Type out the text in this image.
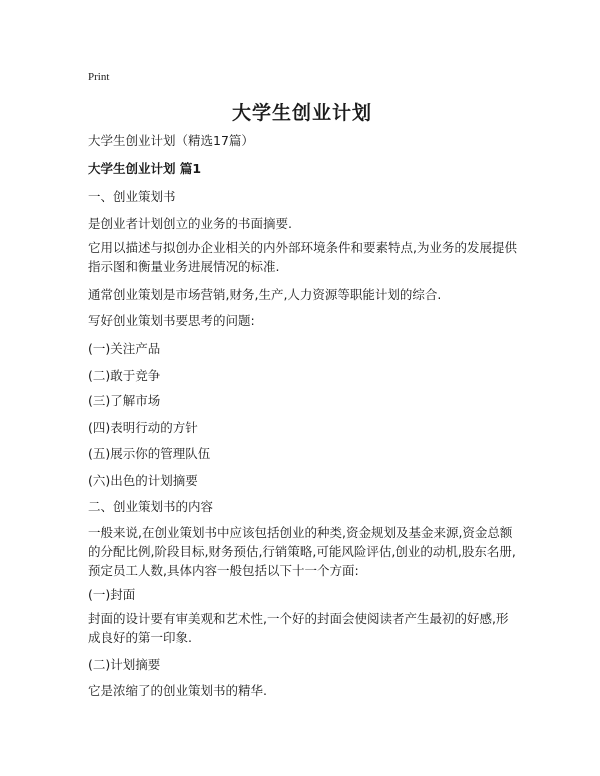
Print
大学生创业计划
大学生创业计划（精选17篇）
大学生创业计划 篇1
一、创业策划书
是创业者计划创立的业务的书面摘要.
它用以描述与拟创办企业相关的内外部环境条件和要素特点,为业务的发展提供指示图和衡量业务进展情况的标准.
通常创业策划是市场营销,财务,生产,人力资源等职能计划的综合.
写好创业策划书要思考的问题:
(一)关注产品
(二)敢于竞争
(三)了解市场
(四)表明行动的方针
(五)展示你的管理队伍
(六)出色的计划摘要
二、创业策划书的内容
一般来说,在创业策划书中应该包括创业的种类,资金规划及基金来源,资金总额的分配比例,阶段目标,财务预估,行销策略,可能风险评估,创业的动机,股东名册,预定员工人数,具体内容一般包括以下十一个方面:
(一)封面
封面的设计要有审美观和艺术性,一个好的封面会使阅读者产生最初的好感,形成良好的第一印象.
(二)计划摘要
它是浓缩了的创业策划书的精华.
